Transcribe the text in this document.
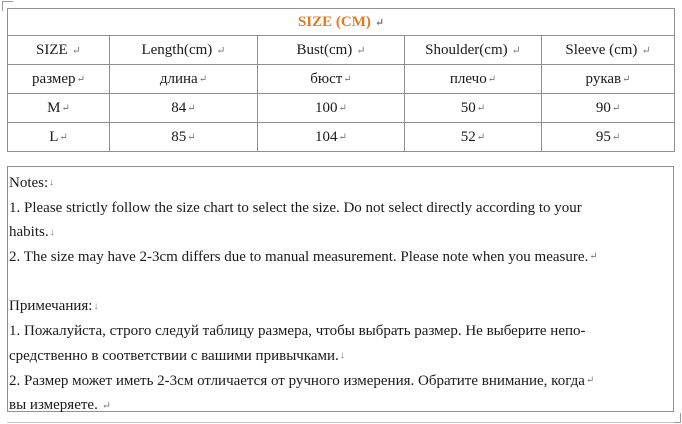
SIZE (CM) ↵				
SIZE ↵	Length(cm) ↵	Bust(cm) ↵	Shoulder(cm) ↵	Sleeve (cm) ↵
размер↵	длина↵	бюст↵	плечо↵	рукав↵
M↵	84↵	100↵	50↵	90↵
L↵	85↵	104↵	52↵	95↵
Notes:↓
1. Please strictly follow the size chart to select the size. Do not select directly according to your
habits.↓
2. The size may have 2-3cm differs due to manual measurement. Please note when you measure.↵
Примечания:↓
1. Пожалуйста, строго следуй таблицу размера, чтобы выбрать размер. Не выберите непо-
средственно в соответствии с вашими привычками.↓
2. Размер может иметь 2-3см отличается от ручного измерения. Обратите внимание, когда↵
вы измеряете. ↵
